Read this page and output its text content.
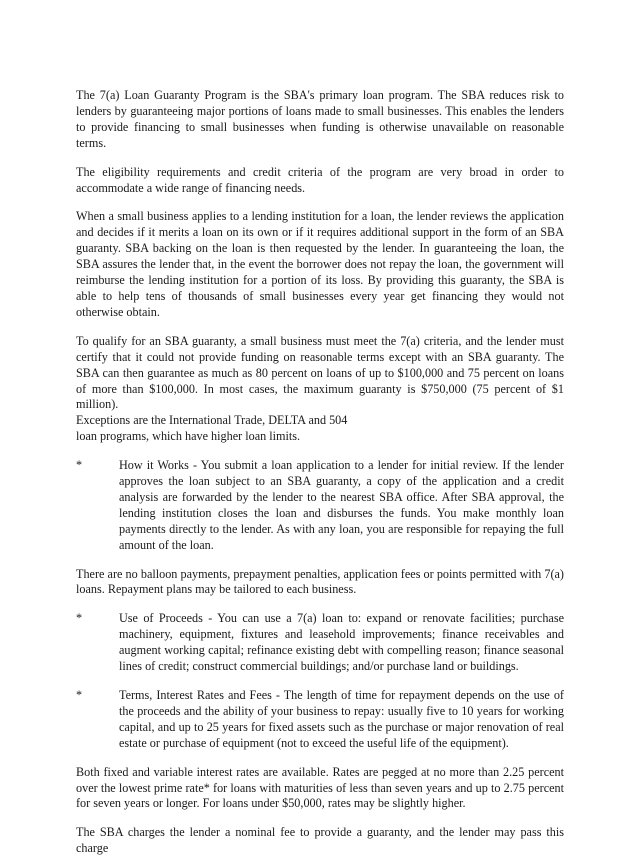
The 7(a) Loan Guaranty Program is the SBA's primary loan program. The SBA reduces risk to lenders by guaranteeing major portions of loans made to small businesses. This enables the lenders to provide financing to small businesses when funding is otherwise unavailable on reasonable terms.

The eligibility requirements and credit criteria of the program are very broad in order to accommodate a wide range of financing needs.

When a small business applies to a lending institution for a loan, the lender reviews the application and decides if it merits a loan on its own or if it requires additional support in the form of an SBA guaranty. SBA backing on the loan is then requested by the lender. In guaranteeing the loan, the SBA assures the lender that, in the event the borrower does not repay the loan, the government will reimburse the lending institution for a portion of its loss. By providing this guaranty, the SBA is able to help tens of thousands of small businesses every year get financing they would not otherwise obtain.

To qualify for an SBA guaranty, a small business must meet the 7(a) criteria, and the lender must certify that it could not provide funding on reasonable terms except with an SBA guaranty. The SBA can then guarantee as much as 80 percent on loans of up to $100,000 and 75 percent on loans of more than $100,000. In most cases, the maximum guaranty is $750,000 (75 percent of $1 million).
Exceptions are the International Trade, DELTA and 504
loan programs, which have higher loan limits.

*	How it Works - You submit a loan application to a lender for initial review. If the lender approves the loan subject to an SBA guaranty, a copy of the application and a credit analysis are forwarded by the lender to the nearest SBA office. After SBA approval, the lending institution closes the loan and disburses the funds. You make monthly loan payments directly to the lender. As with any loan, you are responsible for repaying the full amount of the loan.

There are no balloon payments, prepayment penalties, application fees or points permitted with 7(a) loans. Repayment plans may be tailored to each business.

*	Use of Proceeds - You can use a 7(a) loan to: expand or renovate facilities; purchase machinery, equipment, fixtures and leasehold improvements; finance receivables and augment working capital; refinance existing debt with compelling reason; finance seasonal lines of credit; construct commercial buildings; and/or purchase land or buildings.
*	Terms, Interest Rates and Fees - The length of time for repayment depends on the use of the proceeds and the ability of your business to repay: usually five to 10 years for working capital, and up to 25 years for fixed assets such as the purchase or major renovation of real estate or purchase of equipment (not to exceed the useful life of the equipment).

Both fixed and variable interest rates are available. Rates are pegged at no more than 2.25 percent over the lowest prime rate* for loans with maturities of less than seven years and up to 2.75 percent for seven years or longer. For loans under $50,000, rates may be slightly higher.

The SBA charges the lender a nominal fee to provide a guaranty, and the lender may pass this charge
